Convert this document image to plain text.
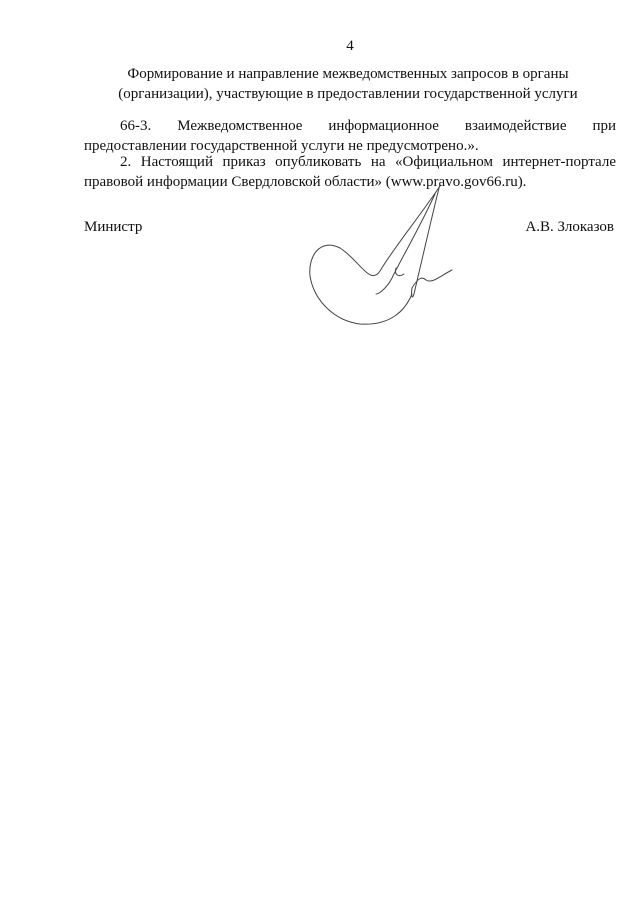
4
Формирование и направление межведомственных запросов в органы
(организации), участвующие в предоставлении государственной услуги
66-3. Межведомственное информационное взаимодействие при
предоставлении государственной услуги не предусмотрено.».
2. Настоящий приказ опубликовать на «Официальном интернет-портале
правовой информации Свердловской области» (www.pravo.gov66.ru).
Министр	А.В. Злоказов
